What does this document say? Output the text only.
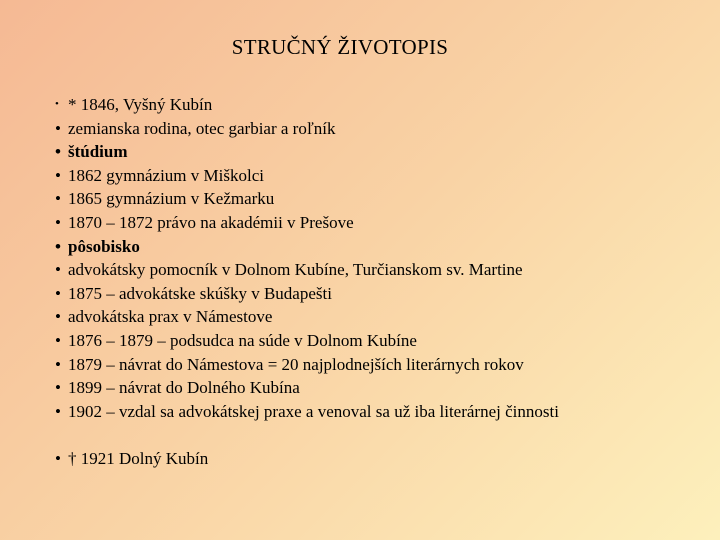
STRUČNÝ ŽIVOTOPIS
• * 1846, Vyšný Kubín
• zemianska rodina, otec garbiar a roľník
• štúdium
• 1862 gymnázium v Miškolci
• 1865 gymnázium v Kežmarku
• 1870 – 1872 právo na akadémii v Prešove
• pôsobisko
• advokátsky pomocník v Dolnom Kubíne, Turčianskom sv. Martine
• 1875 – advokátske skúšky v Budapešti
• advokátska prax v Námestove
• 1876 – 1879 – podsudca na súde v Dolnom Kubíne
• 1879 – návrat do Námestova = 20 najplodnejších literárnych rokov
• 1899 – návrat do Dolného Kubína
• 1902 – vzdal sa advokátskej praxe a venoval sa už iba literárnej činnosti
• † 1921 Dolný Kubín
